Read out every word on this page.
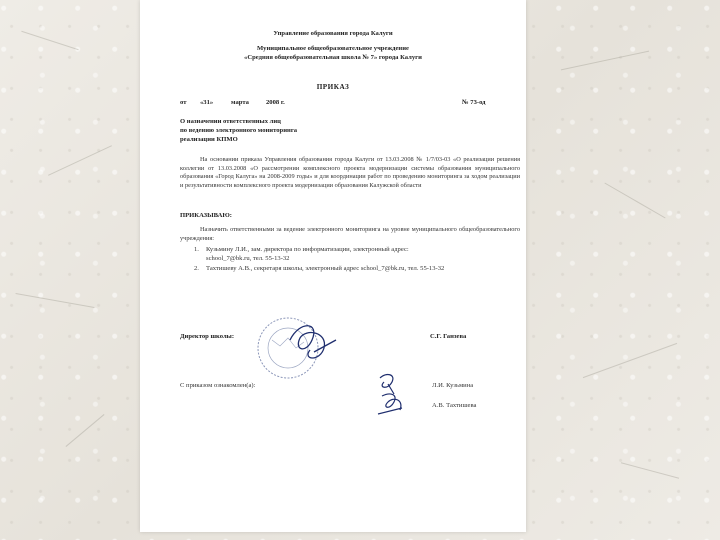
Управление образования города Калуги
Муниципальное общеобразовательное учреждение
«Средняя общеобразовательная школа № 7» города Калуги
ПРИКАЗ
от «31»	марта	2008 г.	№ 73-од
О назначении ответственных лиц
по ведению электронного мониторинга
реализации КПМО
На основании приказа Управления образования города Калуги от 13.03.2008 № 1/7/03-03 «О реализации решения коллегии от 13.03.2008 «О рассмотрении комплексного проекта модернизации системы образования муниципального образования «Город Калуга» на 2008-2009 годы» и для координации работ по проведению мониторинга за ходом реализации и результативности комплексного проекта модернизации образования Калужской области
ПРИКАЗЫВАЮ:
Назначить ответственными за ведение электронного мониторинга на уровне муниципального общеобразовательного учреждения:
1. Кузьмину Л.И., зам. директора по информатизации, электронный адрес:
school_7@bk.ru, тел. 55-13-32
2. Тахтишеву А.В., секретаря школы, электронный адрес school_7@bk.ru, тел. 55-13-32
Директор школы:	С.Г. Ганзева
С приказом ознакомлен(а):	Л.И. Кузьмина
А.В. Тахтишева
